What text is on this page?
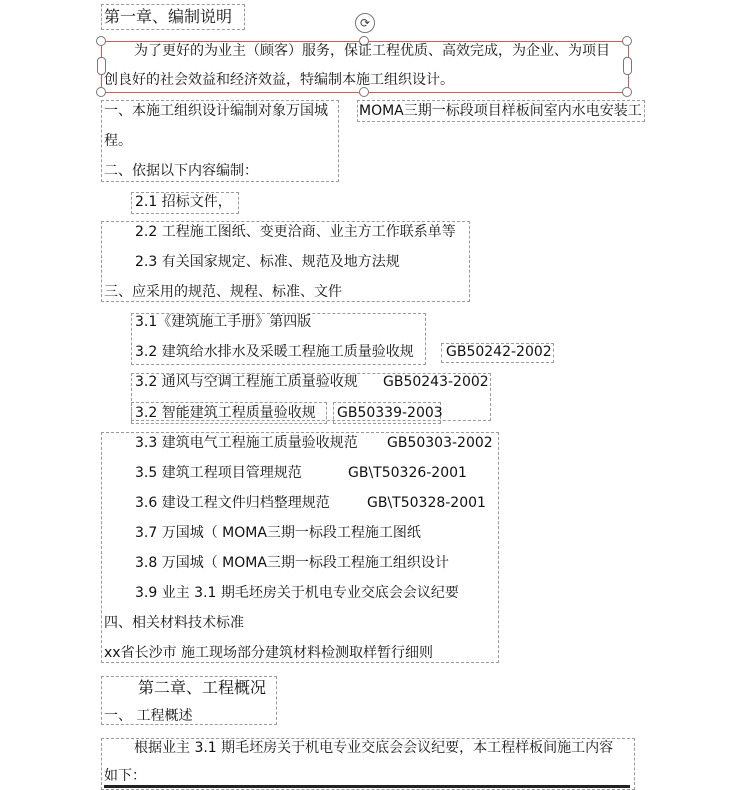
第一章、编制说明	⟳
为了更好的为业主（顾客）服务，保证工程优质、高效完成，为企业、为项目
创良好的社会效益和经济效益，特编制本施工组织设计。
一、本施工组织设计编制对象万国城 MOMA三期一标段项目样板间室内水电安装工
程。
二、依据以下内容编制：
2.1 招标文件，
2.2 工程施工图纸、变更洽商、业主方工作联系单等
2.3 有关国家规定、标准、规范及地方法规
三、应采用的规范、规程、标准、文件
3.1《建筑施工手册》第四版
3.2 建筑给水排水及采暖工程施工质量验收规 GB50242-2002
3.2 通风与空调工程施工质量验收规 GB50243-2002
3.2 智能建筑工程质量验收规 GB50339-2003
3.3 建筑电气工程施工质量验收规范 GB50303-2002
3.5 建筑工程项目管理规范	GB\T50326-2001
3.6 建设工程文件归档整理规范	GB\T50328-2001
3.7 万国城（ MOMA三期一标段工程施工图纸
3.8 万国城（ MOMA三期一标段工程施工组织设计
3.9 业主 3.1 期毛坯房关于机电专业交底会会议纪要
四、相关材料技术标准
xx省长沙市 施工现场部分建筑材料检测取样暂行细则
第二章、工程概况
一、 工程概述
根据业主 3.1 期毛坯房关于机电专业交底会会议纪要，本工程样板间施工内容
如下：
